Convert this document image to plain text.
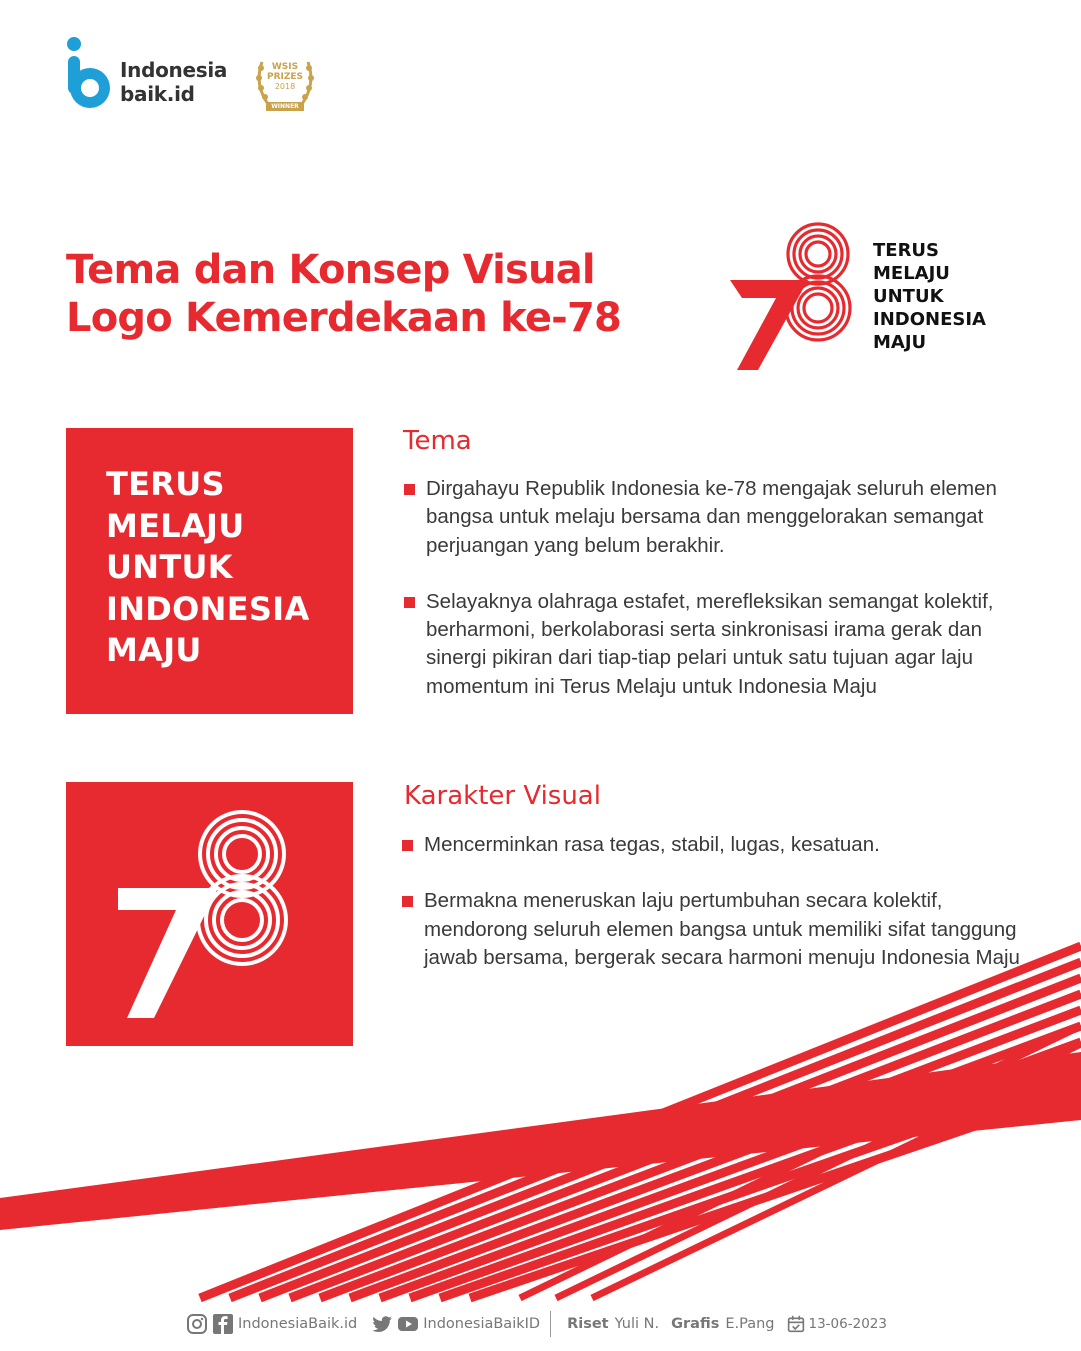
Indonesia
baik.id
WSIS
PRIZES
2018
WINNER
Tema dan Konsep Visual
Logo Kemerdekaan ke-78
TERUS
MELAJU
UNTUK
INDONESIA
MAJU
TERUS
MELAJU
UNTUK
INDONESIA
MAJU
Tema
Dirgahayu Republik Indonesia ke-78 mengajak seluruh elemen bangsa untuk melaju bersama dan menggelorakan semangat perjuangan yang belum berakhir.
Selayaknya olahraga estafet, merefleksikan semangat kolektif, berharmoni, berkolaborasi serta sinkronisasi irama gerak dan sinergi pikiran dari tiap-tiap pelari untuk satu tujuan agar laju momentum ini Terus Melaju untuk Indonesia Maju
Karakter Visual
Mencerminkan rasa tegas, stabil, lugas, kesatuan.
Bermakna meneruskan laju pertumbuhan secara kolektif, mendorong seluruh elemen bangsa untuk memiliki sifat tanggung jawab bersama, bergerak secara harmoni menuju Indonesia Maju
IndonesiaBaik.id	IndonesiaBaikID Riset Yuli N. Grafis E.Pang	13-06-2023
